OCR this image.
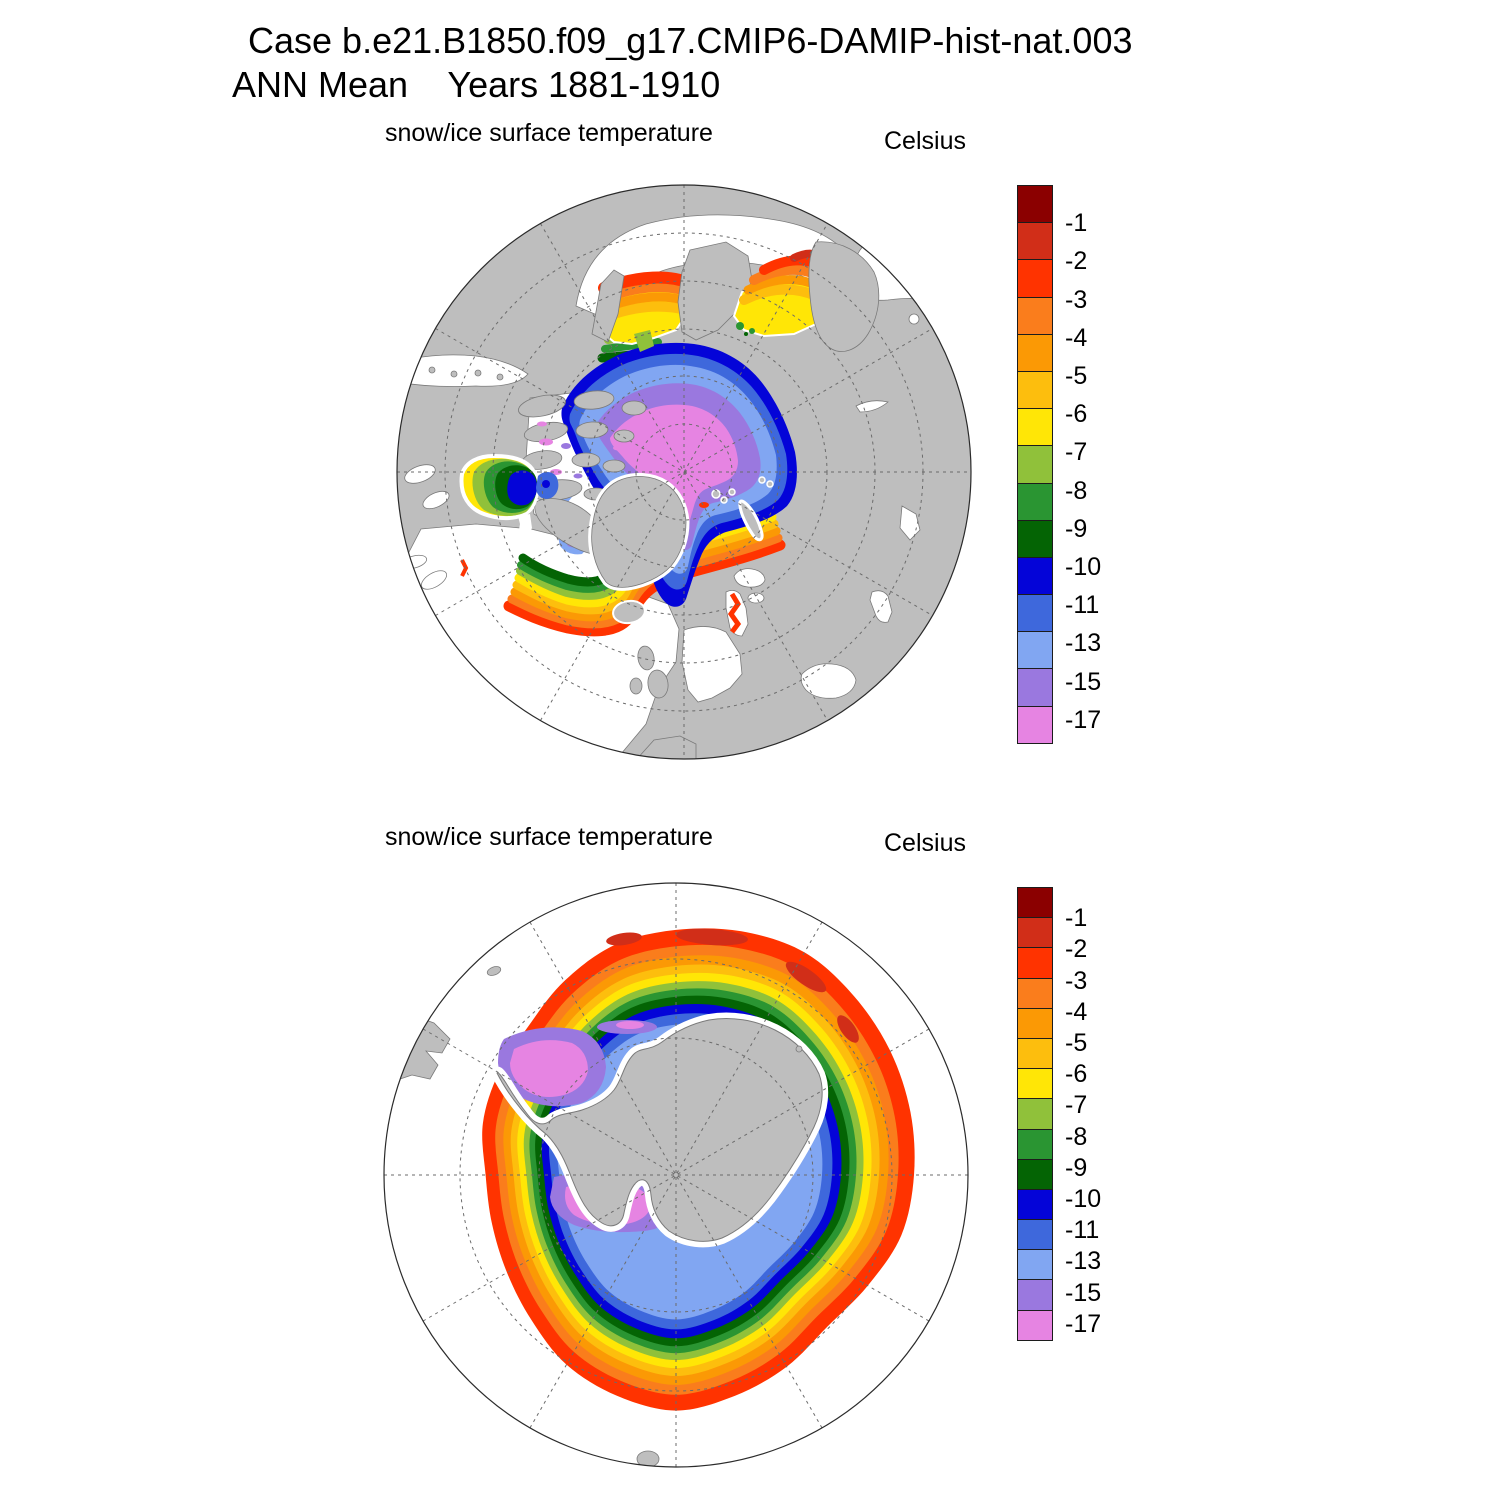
Case b.e21.B1850.f09_g17.CMIP6-DAMIP-hist-nat.003
ANN Mean    Years 1881-1910
snow/ice surface temperature	Celsius
-1
-2
-3
-4
-5
-6
-7
-8
-9
-10
-11
-13
-15
-17
snow/ice surface temperature	Celsius
-1
-2
-3
-4
-5
-6
-7
-8
-9
-10
-11
-13
-15
-17
